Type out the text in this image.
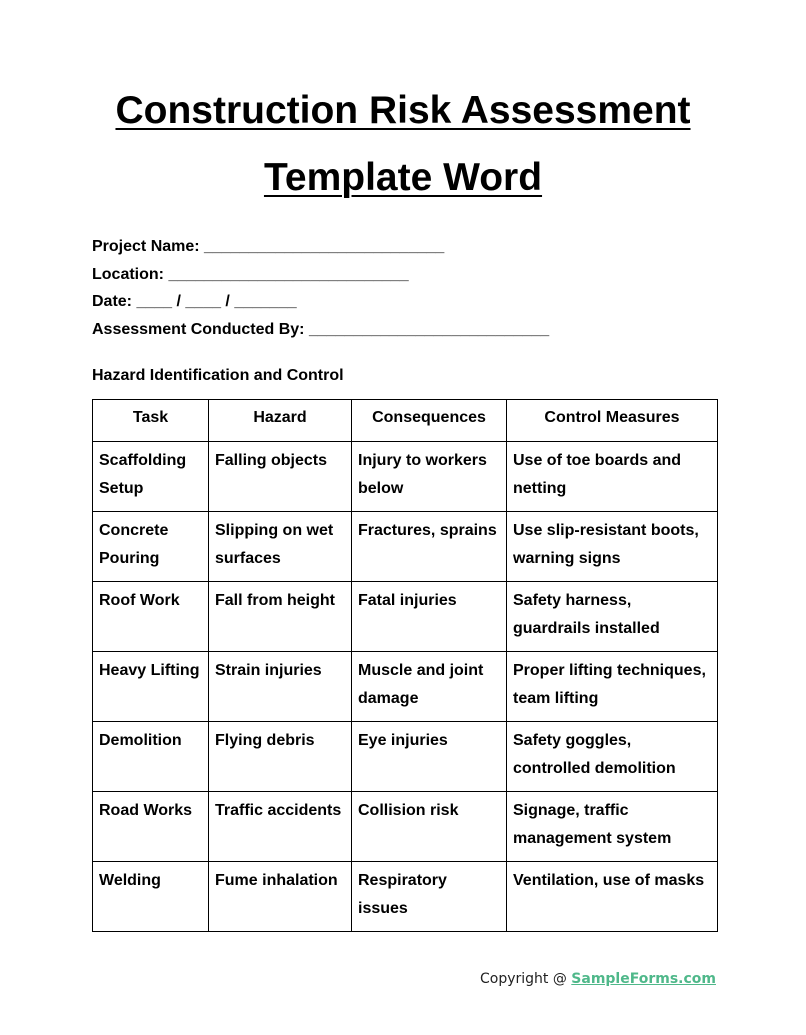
Construction Risk Assessment
Template Word
Project Name: ___________________________
Location: ___________________________
Date: ____ / ____ / _______
Assessment Conducted By: ___________________________
Hazard Identification and Control
Task	Hazard	Consequences	Control Measures
Scaffolding Setup	Falling objects	Injury to workers below	Use of toe boards and netting
Concrete Pouring	Slipping on wet surfaces	Fractures, sprains	Use slip-resistant boots, warning signs
Roof Work	Fall from height	Fatal injuries	Safety harness, guardrails installed
Heavy Lifting	Strain injuries	Muscle and joint damage	Proper lifting techniques, team lifting
Demolition	Flying debris	Eye injuries	Safety goggles, controlled demolition
Road Works	Traffic accidents	Collision risk	Signage, traffic management system
Welding	Fume inhalation	Respiratory issues	Ventilation, use of masks
Copyright @ SampleForms.com
